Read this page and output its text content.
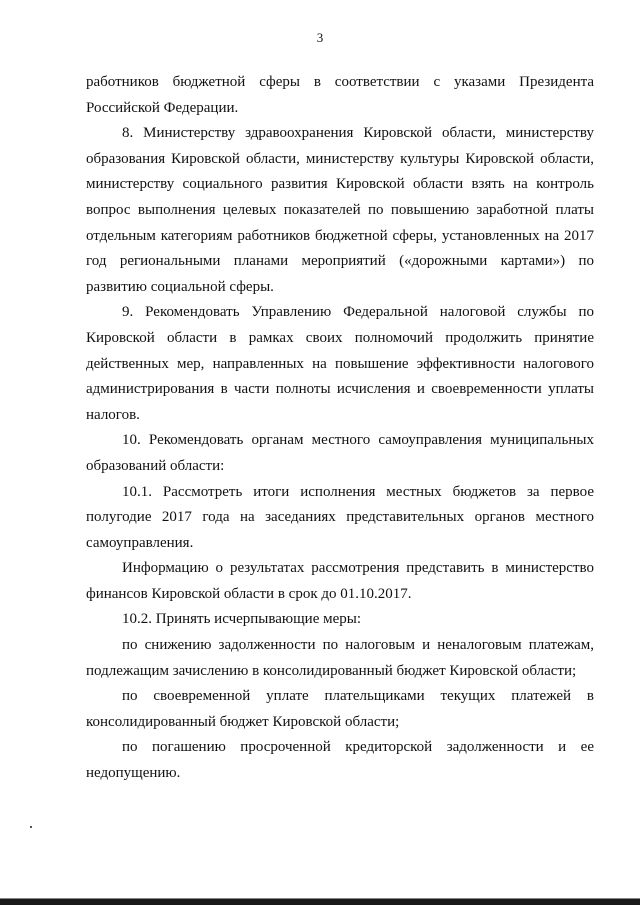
3

работников бюджетной сферы в соответствии с указами Президента Российской Федерации.

8. Министерству здравоохранения Кировской области, министерству образования Кировской области, министерству культуры Кировской области, министерству социального развития Кировской области взять на контроль вопрос выполнения целевых показателей по повышению заработной платы отдельным категориям работников бюджетной сферы, установленных на 2017 год региональными планами мероприятий («дорожными картами») по развитию социальной сферы.

9. Рекомендовать Управлению Федеральной налоговой службы по Кировской области в рамках своих полномочий продолжить принятие действенных мер, направленных на повышение эффективности налогового администрирования в части полноты исчисления и своевременности уплаты налогов.

10. Рекомендовать органам местного самоуправления муниципальных образований области:

10.1. Рассмотреть итоги исполнения местных бюджетов за первое полугодие 2017 года на заседаниях представительных органов местного самоуправления.

Информацию о результатах рассмотрения представить в министерство финансов Кировской области в срок до 01.10.2017.

10.2. Принять исчерпывающие меры:

по снижению задолженности по налоговым и неналоговым платежам, подлежащим зачислению в консолидированный бюджет Кировской области;

по своевременной уплате плательщиками текущих платежей в консолидированный бюджет Кировской области;

по погашению просроченной кредиторской задолженности и ее недопущению.
